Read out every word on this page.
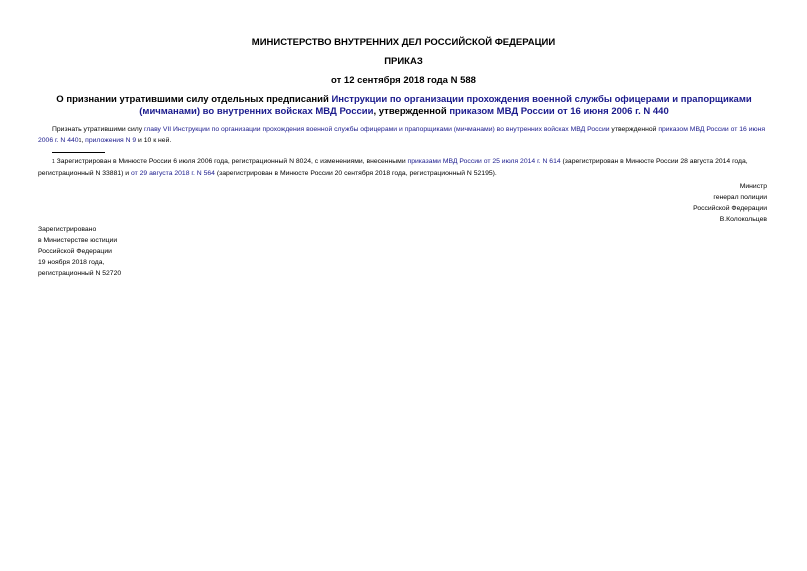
МИНИСТЕРСТВО ВНУТРЕННИХ ДЕЛ РОССИЙСКОЙ ФЕДЕРАЦИИ
ПРИКАЗ
от 12 сентября 2018 года N 588
О признании утратившими силу отдельных предписаний Инструкции по организации прохождения военной службы офицерами и прапорщиками (мичманами) во внутренних войсках МВД России, утвержденной приказом МВД России от 16 июня 2006 г. N 440
Признать утратившими силу главу VII Инструкции по организации прохождения военной службы офицерами и прапорщиками (мичманами) во внутренних войсках МВД России утвержденной приказом МВД России от 16 июня 2006 г. N 4401, приложения N 9 и 10 к ней.
1 Зарегистрирован в Минюсте России 6 июля 2006 года, регистрационный N 8024, с изменениями, внесенными приказами МВД России от 25 июля 2014 г. N 614 (зарегистрирован в Минюсте России 28 августа 2014 года, регистрационный N 33881) и от 29 августа 2018 г. N 564 (зарегистрирован в Минюсте России 20 сентября 2018 года, регистрационный N 52195).
Министр
генерал полиции
Российской Федерации
В.Колокольцев
Зарегистрировано
в Министерстве юстиции
Российской Федерации
19 ноября 2018 года,
регистрационный N 52720
